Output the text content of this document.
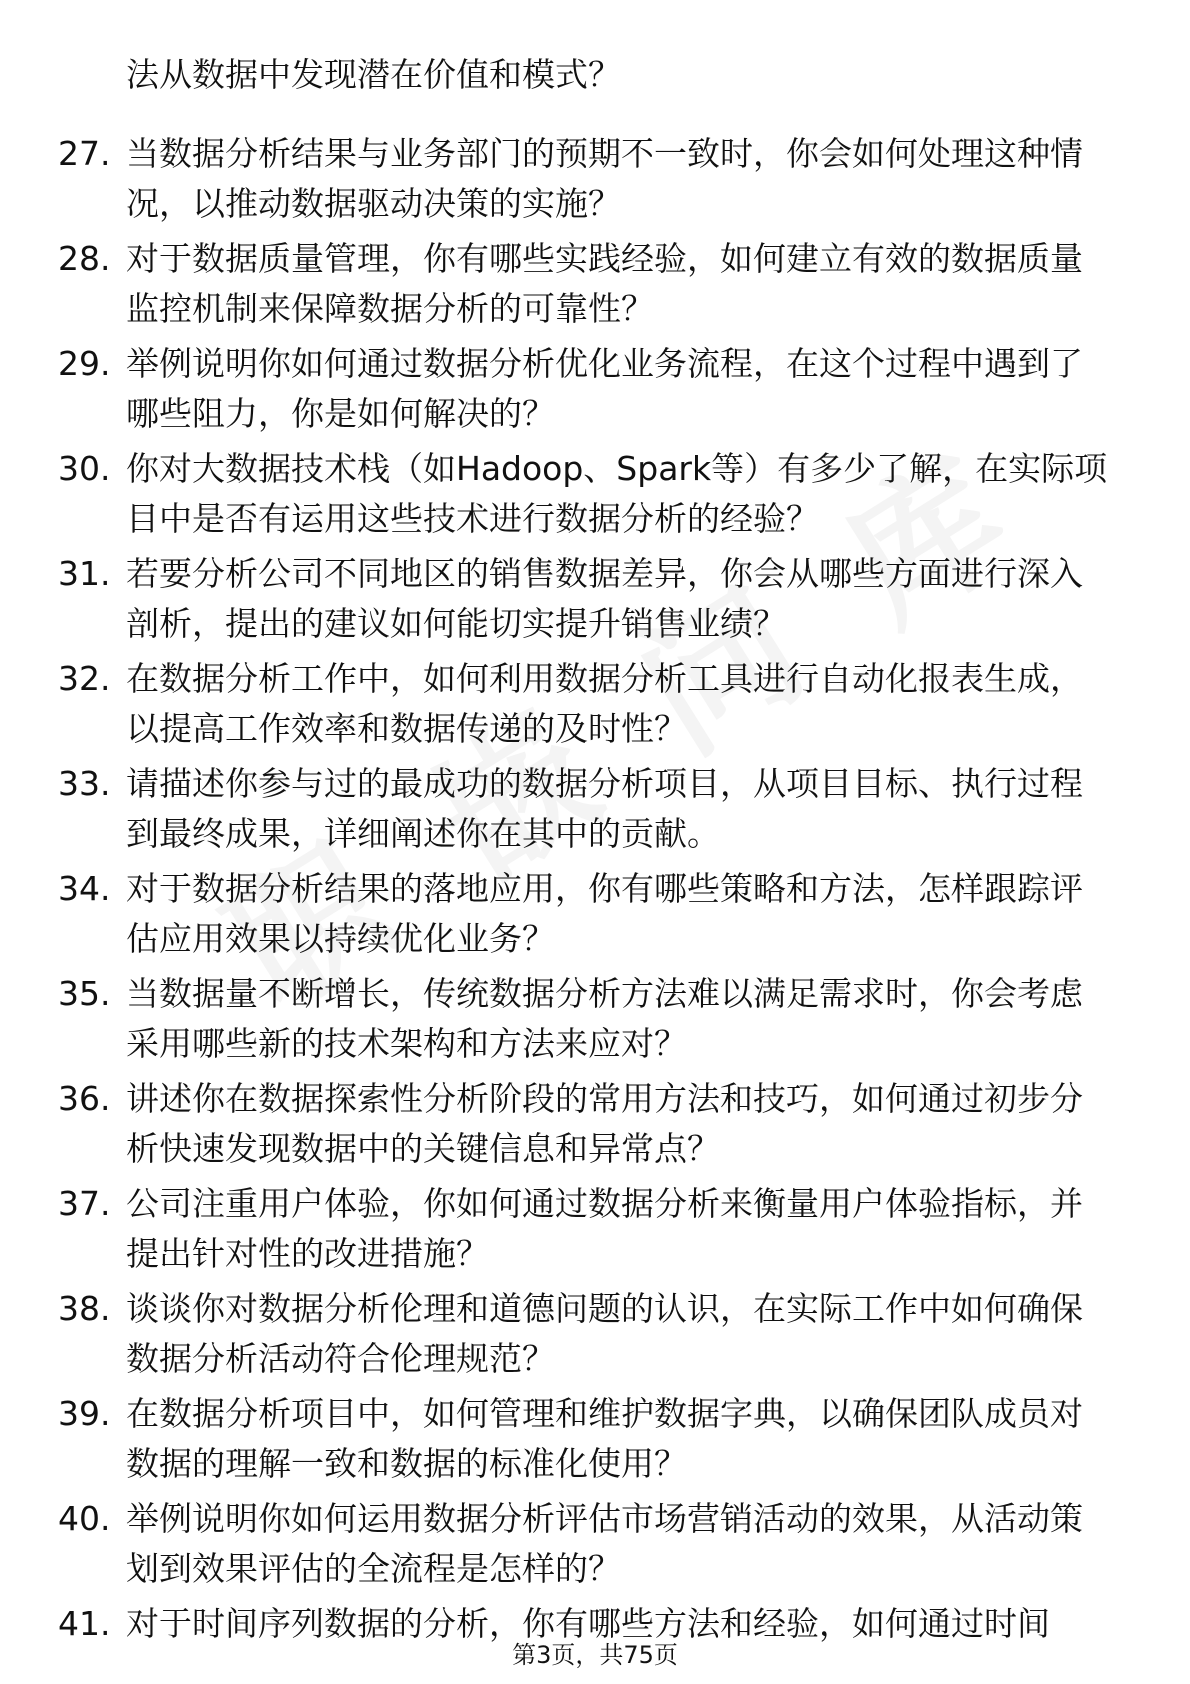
法从数据中发现潜在价值和模式？
27. 当数据分析结果与业务部门的预期不一致时，你会如何处理这种情况，以推动数据驱动决策的实施？
28. 对于数据质量管理，你有哪些实践经验，如何建立有效的数据质量监控机制来保障数据分析的可靠性？
29. 举例说明你如何通过数据分析优化业务流程，在这个过程中遇到了哪些阻力，你是如何解决的？
30. 你对大数据技术栈（如Hadoop、Spark等）有多少了解，在实际项目中是否有运用这些技术进行数据分析的经验？
31. 若要分析公司不同地区的销售数据差异，你会从哪些方面进行深入剖析，提出的建议如何能切实提升销售业绩？
32. 在数据分析工作中，如何利用数据分析工具进行自动化报表生成，以提高工作效率和数据传递的及时性？
33. 请描述你参与过的最成功的数据分析项目，从项目目标、执行过程到最终成果，详细阐述你在其中的贡献。
34. 对于数据分析结果的落地应用，你有哪些策略和方法，怎样跟踪评估应用效果以持续优化业务？
35. 当数据量不断增长，传统数据分析方法难以满足需求时，你会考虑采用哪些新的技术架构和方法来应对？
36. 讲述你在数据探索性分析阶段的常用方法和技巧，如何通过初步分析快速发现数据中的关键信息和异常点？
37. 公司注重用户体验，你如何通过数据分析来衡量用户体验指标，并提出针对性的改进措施？
38. 谈谈你对数据分析伦理和道德问题的认识，在实际工作中如何确保数据分析活动符合伦理规范？
39. 在数据分析项目中，如何管理和维护数据字典，以确保团队成员对数据的理解一致和数据的标准化使用？
40. 举例说明你如何运用数据分析评估市场营销活动的效果，从活动策划到效果评估的全流程是怎样的？
41. 对于时间序列数据的分析，你有哪些方法和经验，如何通过时间
第3页，共75页
